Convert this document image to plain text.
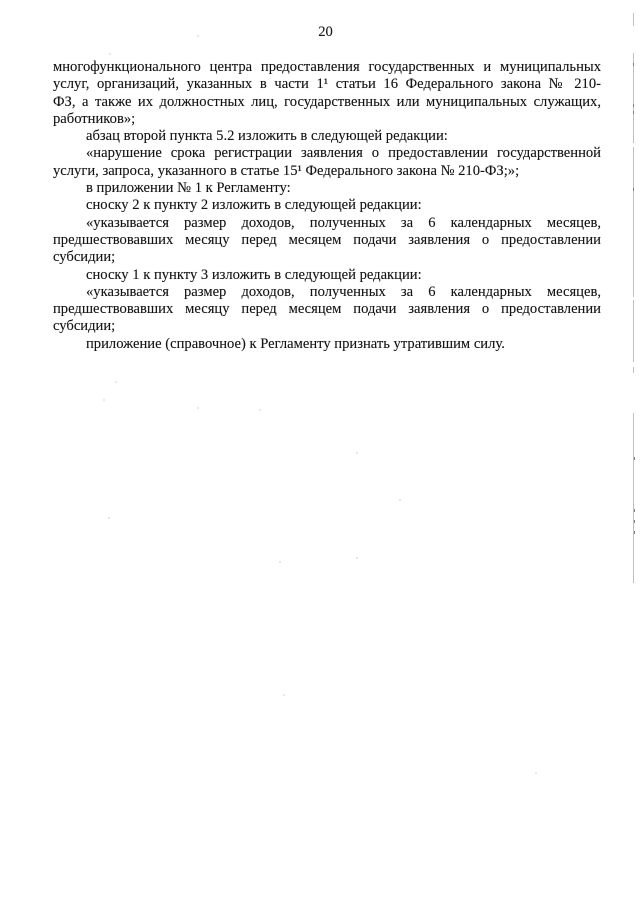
20
многофункционального центра предоставления государственных и муниципальных
услуг, организаций, указанных в части 1¹ статьи 16 Федерального закона № 210-
ФЗ, а также их должностных лиц, государственных или муниципальных служащих,
работников»;
абзац второй пункта 5.2 изложить в следующей редакции:
«нарушение срока регистрации заявления о предоставлении государственной
услуги, запроса, указанного в статье 15¹ Федерального закона № 210-ФЗ;»;
в приложении № 1 к Регламенту:
сноску 2 к пункту 2 изложить в следующей редакции:
«указывается размер доходов, полученных за 6 календарных месяцев,
предшествовавших месяцу перед месяцем подачи заявления о предоставлении
субсидии;
сноску 1 к пункту 3 изложить в следующей редакции:
«указывается размер доходов, полученных за 6 календарных месяцев,
предшествовавших месяцу перед месяцем подачи заявления о предоставлении
субсидии;
приложение (справочное) к Регламенту признать утратившим силу.
